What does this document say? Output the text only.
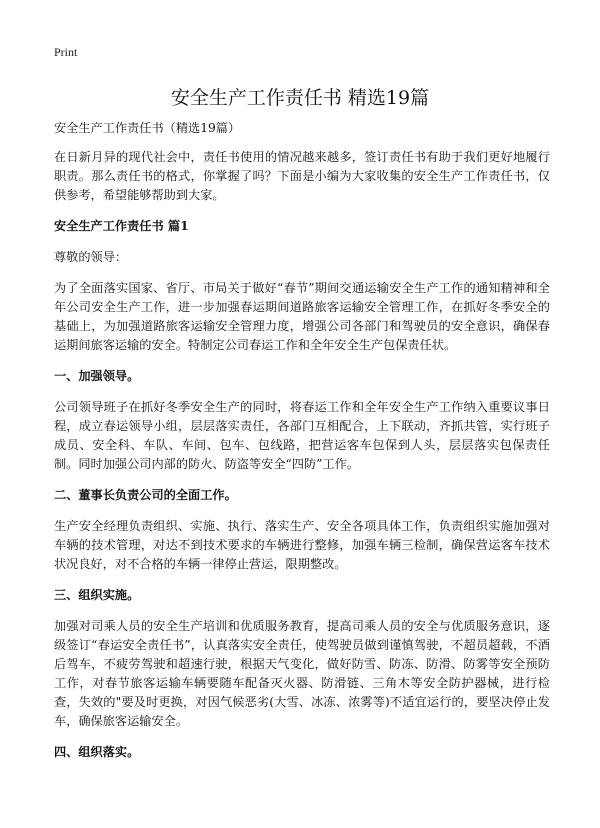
Print
安全生产工作责任书 精选19篇
安全生产工作责任书（精选19篇）

在日新月异的现代社会中，责任书使用的情况越来越多，签订责任书有助于我们更好地履行职责。那么责任书的格式，你掌握了吗？下面是小编为大家收集的安全生产工作责任书，仅供参考，希望能够帮助到大家。

安全生产工作责任书 篇1
尊敬的领导：

为了全面落实国家、省厅、市局关于做好“春节”期间交通运输安全生产工作的通知精神和全年公司安全生产工作，进一步加强春运期间道路旅客运输安全管理工作，在抓好冬季安全的基础上，为加强道路旅客运输安全管理力度，增强公司各部门和驾驶员的安全意识，确保春运期间旅客运输的安全。特制定公司春运工作和全年安全生产包保责任状。

一、加强领导。

公司领导班子在抓好冬季安全生产的同时，将春运工作和全年安全生产工作纳入重要议事日程，成立春运领导小组，层层落实责任，各部门互相配合，上下联动，齐抓共管，实行班子成员、安全科、车队、车间、包车、包线路，把营运客车包保到人头，层层落实包保责任制。同时加强公司内部的防火、防盗等安全“四防”工作。

二、董事长负责公司的全面工作。

生产安全经理负责组织、实施、执行、落实生产、安全各项具体工作，负责组织实施加强对车辆的技术管理，对达不到技术要求的车辆进行整修，加强车辆三检制，确保营运客车技术状况良好，对不合格的车辆一律停止营运，限期整改。

三、组织实施。

加强对司乘人员的安全生产培训和优质服务教育，提高司乘人员的安全与优质服务意识，逐级签订“春运安全责任书”，认真落实安全责任，使驾驶员做到谨慎驾驶，不超员超载，不酒后驾车，不疲劳驾驶和超速行驶，根据天气变化，做好防雪、防冻、防滑、防雾等安全预防工作，对春节旅客运输车辆要随车配备灭火器、防滑链、三角木等安全防护器械，进行检查，失效的"要及时更换，对因气候恶劣(大雪、冰冻、浓雾等)不适宜运行的，要坚决停止发车，确保旅客运输安全。

四、组织落实。
